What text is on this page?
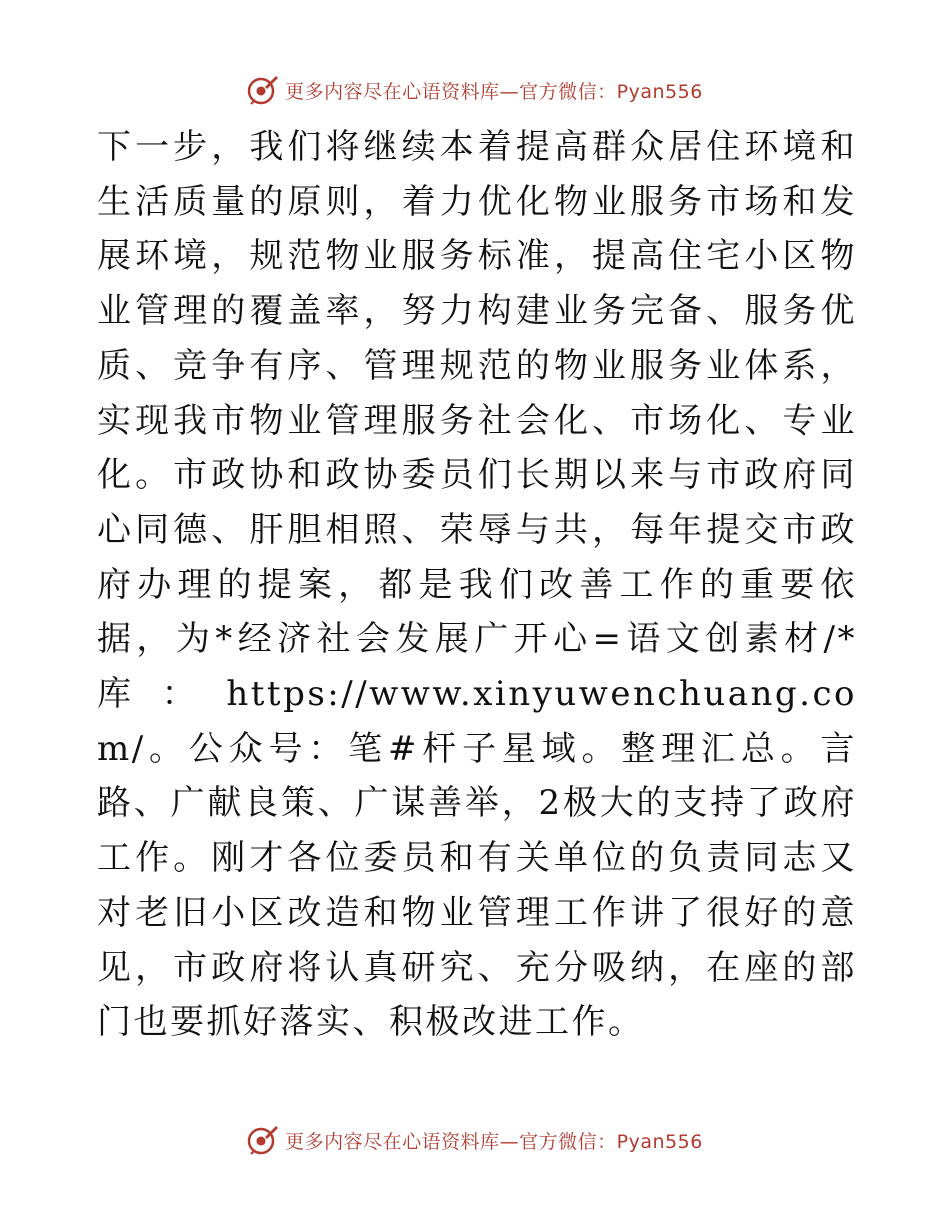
更多内容尽在心语资料库—官方微信：Pyan556

下一步，我们将继续本着提高群众居住环境和生活质量的原则，着力优化物业服务市场和发展环境，规范物业服务标准，提高住宅小区物业管理的覆盖率，努力构建业务完备、服务优质、竞争有序、管理规范的物业服务业体系，实现我市物业管理服务社会化、市场化、专业化。市政协和政协委员们长期以来与市政府同心同德、肝胆相照、荣辱与共，每年提交市政府办理的提案，都是我们改善工作的重要依据，为*经济社会发展广开心=语文创素材/*库：https://www.xinyuwenchuang.com/。公众号：笔#杆子星域。整理汇总。言路、广献良策、广谋善举，2极大的支持了政府工作。刚才各位委员和有关单位的负责同志又对老旧小区改造和物业管理工作讲了很好的意见，市政府将认真研究、充分吸纳，在座的部门也要抓好落实、积极改进工作。

更多内容尽在心语资料库—官方微信：Pyan556
